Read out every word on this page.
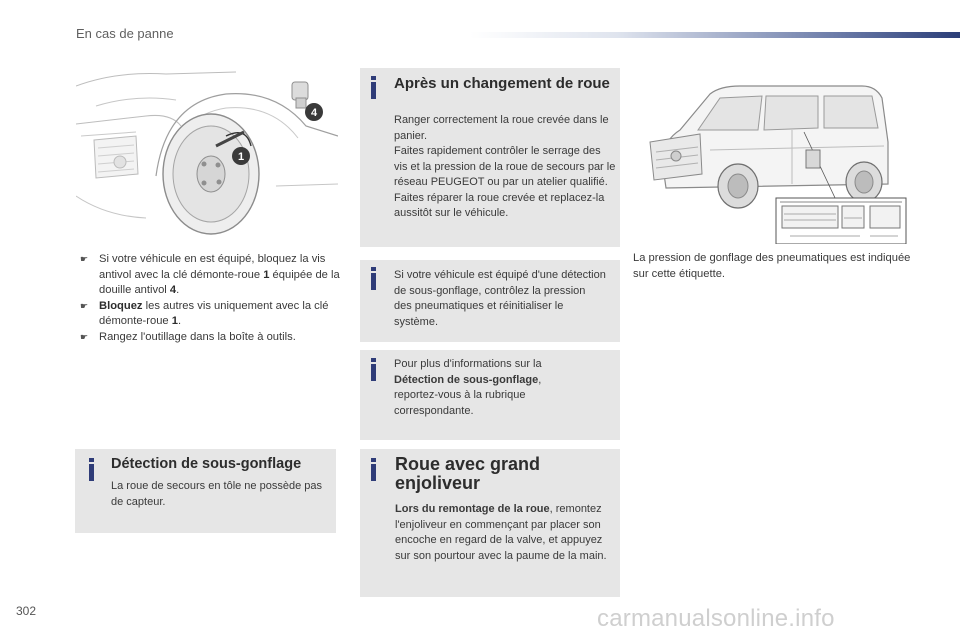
En cas de panne
1
4

☛ Si votre véhicule en est équipé, bloquez la vis antivol avec la clé démonte-roue 1 équipée de la douille antivol 4.

☛ Bloquez les autres vis uniquement avec la clé démonte-roue 1.

☛ Rangez l'outillage dans la boîte à outils.

Détection de sous-gonflage
La roue de secours en tôle ne possède pas de capteur.
Après un changement de roue

Ranger correctement la roue crevée dans le panier.

Faites rapidement contrôler le serrage des vis et la pression de la roue de secours par le réseau PEUGEOT ou par un atelier qualifié.

Faites réparer la roue crevée et replacez-la aussitôt sur le véhicule.

Si votre véhicule est équipé d'une détection de sous-gonflage, contrôlez la pression des pneumatiques et réinitialiser le système.
Pour plus d'informations sur la Détection de sous-gonflage, reportez-vous à la rubrique correspondante.
Roue avec grand enjoliveur
Lors du remontage de la roue, remontez l'enjoliveur en commençant par placer son encoche en regard de la valve, et appuyez sur son pourtour avec la paume de la main.
La pression de gonflage des pneumatiques est indiquée sur cette étiquette.
302	carmanualsonline.info
